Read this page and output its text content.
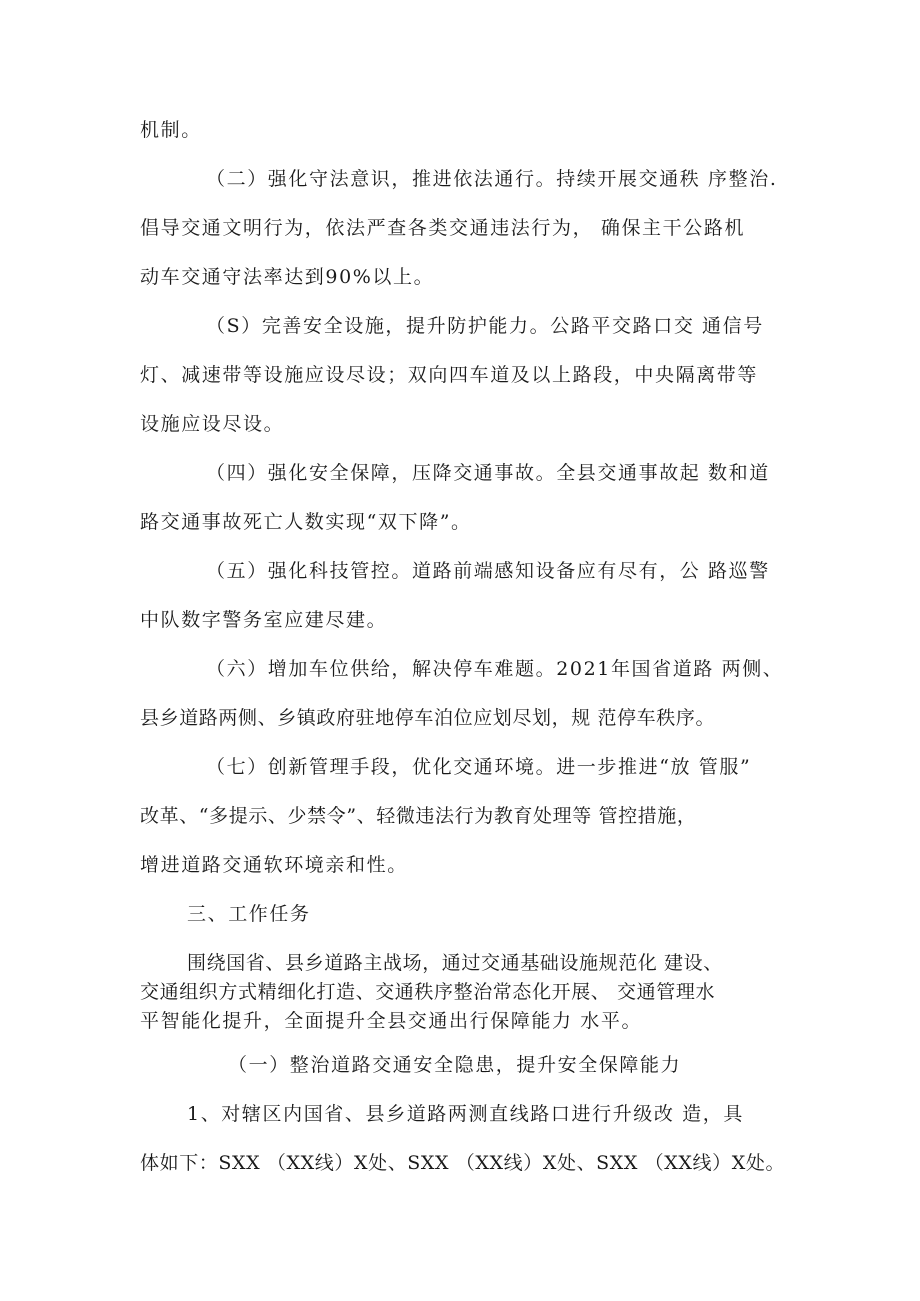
机制。

（二）强化守法意识，推进依法通行。持续开展交通秩 序整治.

倡导交通文明行为，依法严查各类交通违法行为， 确保主干公路机

动车交通守法率达到90%以上。

（S）完善安全设施，提升防护能力。公路平交路口交 通信号

灯、减速带等设施应设尽设；双向四车道及以上路段，中央隔离带等

设施应设尽设。

（四）强化安全保障，压降交通事故。全县交通事故起 数和道

路交通事故死亡人数实现“双下降”。

（五）强化科技管控。道路前端感知设备应有尽有，公 路巡警

中队数字警务室应建尽建。

（六）增加车位供给，解决停车难题。2021年国省道路 两侧、

县乡道路两侧、乡镇政府驻地停车泊位应划尽划，规 范停车秩序。

（七）创新管理手段，优化交通环境。进一步推进“放 管服”

改革、“多提示、少禁令”、轻微违法行为教育处理等 管控措施，

增进道路交通软环境亲和性。

三、工作任务

围绕国省、县乡道路主战场，通过交通基础设施规范化 建设、

交通组织方式精细化打造、交通秩序整治常态化开展、 交通管理水

平智能化提升，全面提升全县交通出行保障能力 水平。

（一）整治道路交通安全隐患，提升安全保障能力

1、对辖区内国省、县乡道路两测直线路口进行升级改 造，具

体如下：SXX （XX线）X处、SXX （XX线）X处、SXX （XX线）X处。
